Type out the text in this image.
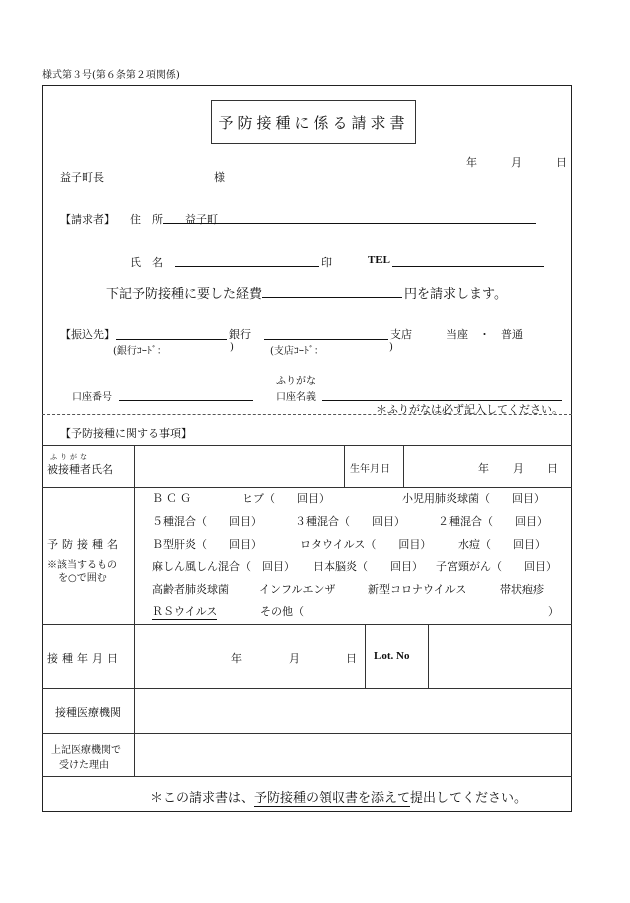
様式第３号(第６条第２項関係)
予防接種に係る請求書
年	月	日
益子町長	様
【請求者】 住　所	益子町
氏　名	印	TEL
下記予防接種に要した経費	円を請求します。
【振込先】	銀行	支店	当座　・　普通
(銀行ｺｰﾄﾞ：	)	(支店ｺｰﾄﾞ：	)
ふりがな
口座番号	口座名義
＊ふりがなは必ず記入してください。
【予防接種に関する事項】
ふりがな
被接種者氏名	生年月日	年 月 日
予防接種名
※該当するもの
を○で囲む
ＢＣＧ	ヒブ（　　回目）	小児用肺炎球菌（　　回目）
５種混合（　　回目）	３種混合（　　回目）	２種混合（　　回目）
Ｂ型肝炎（　　回目）	ロタウイルス（　　回目） 水痘（　　回目）
麻しん風しん混合（　回目） 日本脳炎（　　回目） 子宮頸がん（　　回目）
高齢者肺炎球菌	インフルエンザ	新型コロナウイルス	帯状疱疹
ＲＳウイルス	その他（	）
接種年月日	年	月	日 Lot. No
接種医療機関
上記医療機関で
受けた理由
＊この請求書は、予防接種の領収書を添えて提出してください。
